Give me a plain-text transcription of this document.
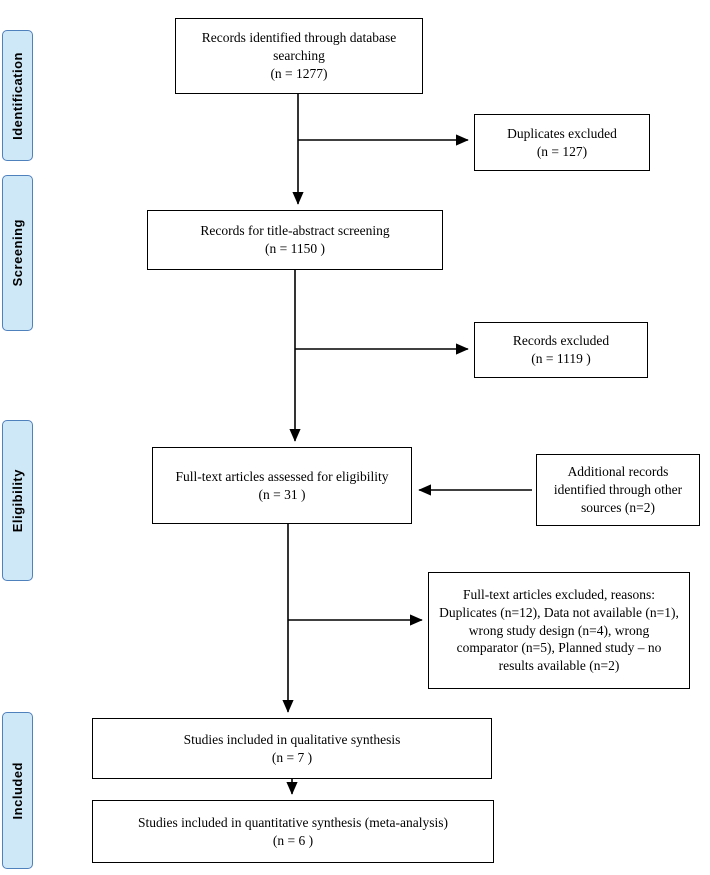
Identification
Screening
Eligibility
Included
Records identified through database searching
(n = 1277)
Duplicates excluded
(n = 127)
Records for title-abstract screening
(n = 1150 )
Records excluded
(n = 1119 )
Full-text articles assessed for eligibility
(n = 31 )
Additional records identified through other sources (n=2)
Full-text articles excluded, reasons: Duplicates (n=12), Data not available (n=1), wrong study design (n=4), wrong comparator (n=5), Planned study – no results available (n=2)
Studies included in qualitative synthesis
(n = 7 )
Studies included in quantitative synthesis (meta-analysis)
(n = 6 )
